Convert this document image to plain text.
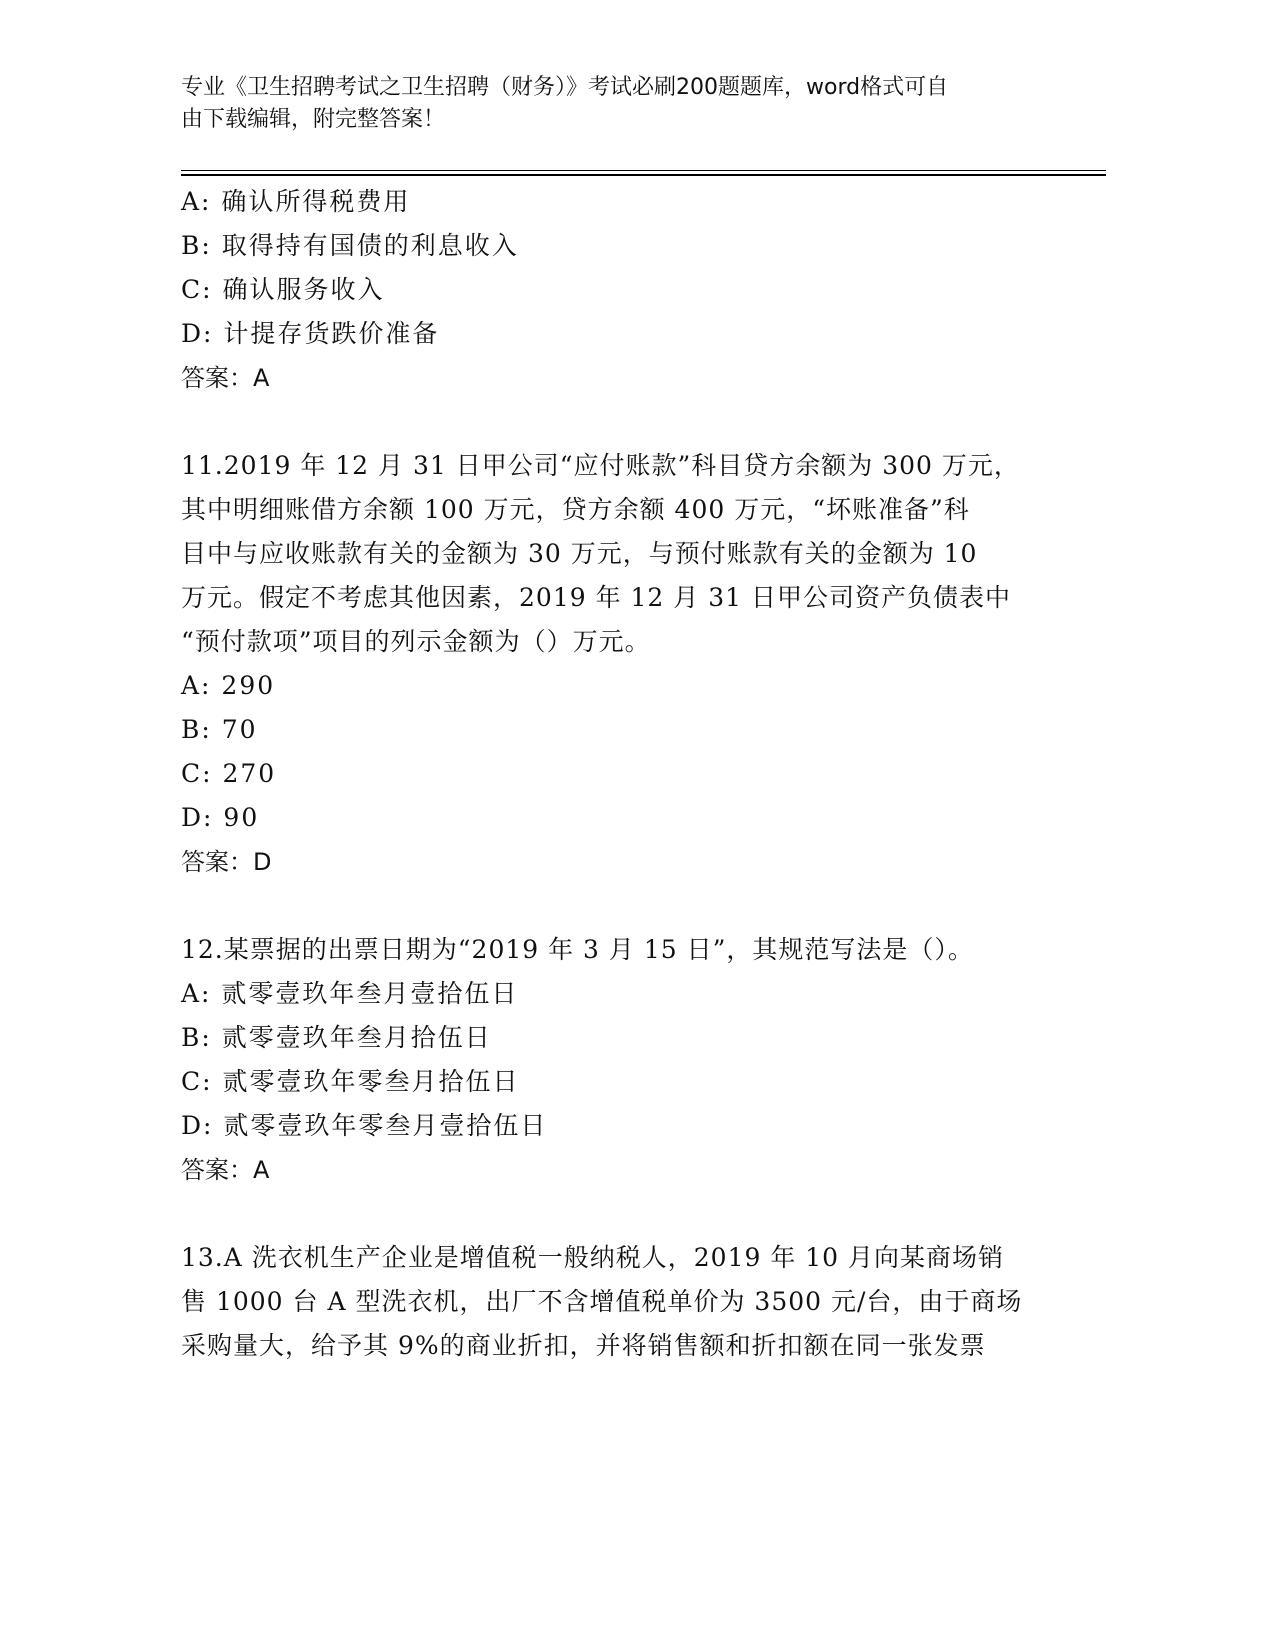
专业《卫生招聘考试之卫生招聘（财务）》考试必刷200题题库，word格式可自
由下载编辑，附完整答案！
A: 确认所得税费用
B: 取得持有国债的利息收入
C: 确认服务收入
D: 计提存货跌价准备
答案：A
11.2019 年 12 月 31 日甲公司“应付账款”科目贷方余额为 300 万元，
其中明细账借方余额 100 万元，贷方余额 400 万元，“坏账准备”科
目中与应收账款有关的金额为 30 万元，与预付账款有关的金额为 10
万元。假定不考虑其他因素，2019 年 12 月 31 日甲公司资产负债表中
“预付款项”项目的列示金额为（）万元。
A: 290
B: 70
C: 270
D: 90
答案：D
12.某票据的出票日期为“2019 年 3 月 15 日”，其规范写法是（）。
A: 贰零壹玖年叁月壹拾伍日
B: 贰零壹玖年叁月拾伍日
C: 贰零壹玖年零叁月拾伍日
D: 贰零壹玖年零叁月壹拾伍日
答案：A
13.A 洗衣机生产企业是增值税一般纳税人，2019 年 10 月向某商场销
售 1000 台 A 型洗衣机，出厂不含增值税单价为 3500 元/台，由于商场
采购量大，给予其 9%的商业折扣，并将销售额和折扣额在同一张发票
